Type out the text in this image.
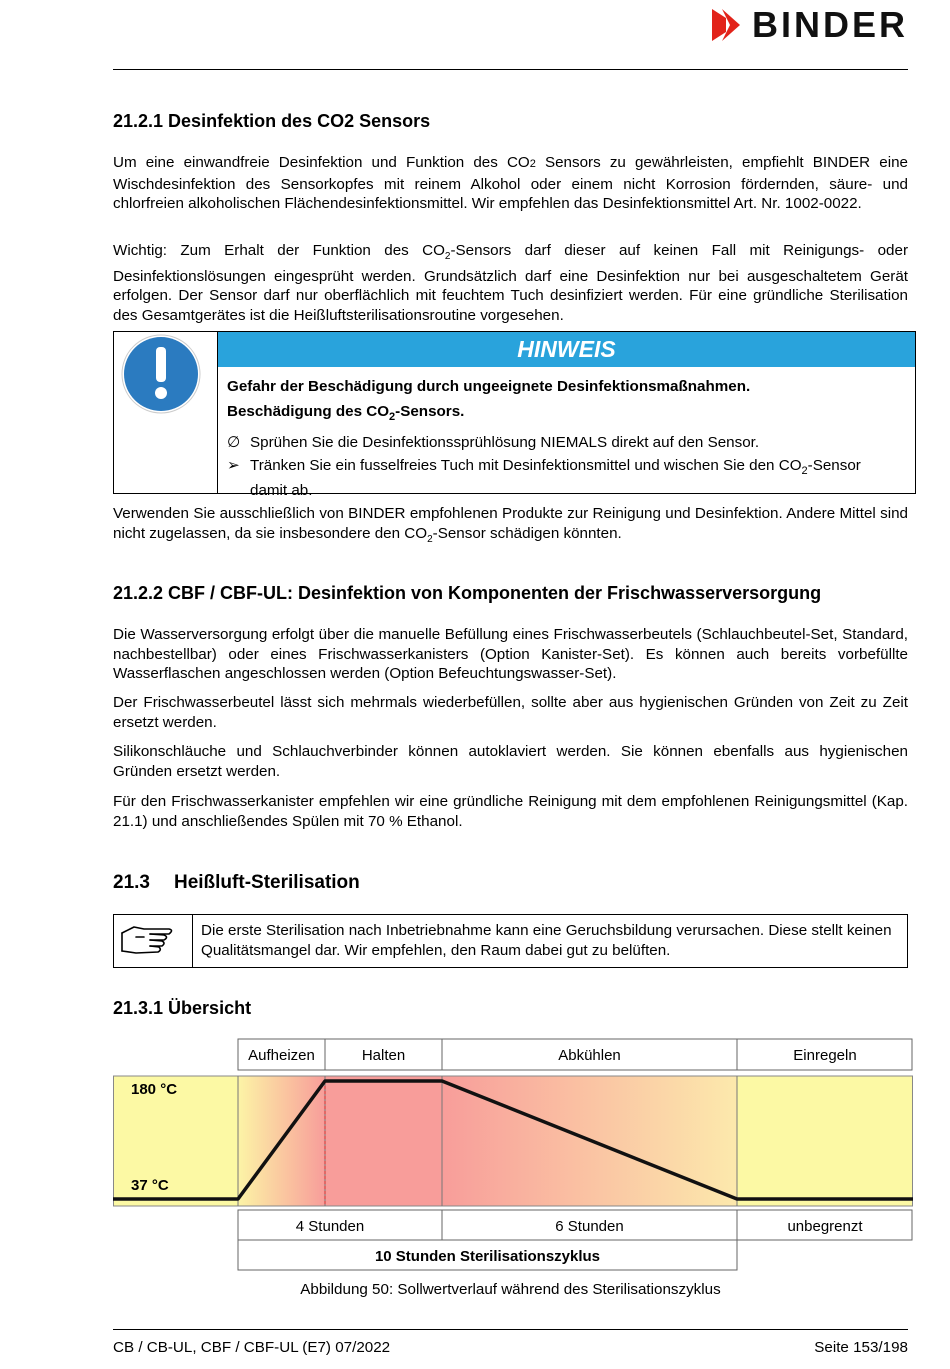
BINDER
21.2.1 Desinfektion des CO2 Sensors

Um eine einwandfreie Desinfektion und Funktion des CO2 Sensors zu gewährleisten, empfiehlt BINDER eine Wischdesinfektion des Sensorkopfes mit reinem Alkohol oder einem nicht Korrosion fördernden, säure- und chlorfreien alkoholischen Flächendesinfektionsmittel. Wir empfehlen das Desinfektionsmittel Art. Nr. 1002-0022.

Wichtig: Zum Erhalt der Funktion des $CO_2$-Sensors darf dieser auf keinen Fall mit Reinigungs- oder Desinfektionslösungen eingesprüht werden. Grundsätzlich darf eine Desinfektion nur bei ausgeschaltetem Gerät erfolgen. Der Sensor darf nur oberflächlich mit feuchtem Tuch desinfiziert werden. Für eine gründliche Sterilisation des Gesamtgerätes ist die Heißluftsterilisationsroutine vorgesehen.

HINWEIS
Gefahr der Beschädigung durch ungeeignete Desinfektionsmaßnahmen.
Beschädigung des $CO_2$-Sensors.
∅ Sprühen Sie die Desinfektionssprühlösung NIEMALS direkt auf den Sensor.
➢ Tränken Sie ein fusselfreies Tuch mit Desinfektionsmittel und wischen Sie den $CO_2$-Sensor damit ab.

Verwenden Sie ausschließlich von BINDER empfohlenen Produkte zur Reinigung und Desinfektion. Andere Mittel sind nicht zugelassen, da sie insbesondere den $CO_2$-Sensor schädigen könnten.

21.2.2 CBF / CBF-UL: Desinfektion von Komponenten der Frischwasserversorgung

Die Wasserversorgung erfolgt über die manuelle Befüllung eines Frischwasserbeutels (Schlauchbeutel-Set, Standard, nachbestellbar) oder eines Frischwasserkanisters (Option Kanister-Set). Es können auch bereits vorbefüllte Wasserflaschen angeschlossen werden (Option Befeuchtungswasser-Set).

Der Frischwasserbeutel lässt sich mehrmals wiederbefüllen, sollte aber aus hygienischen Gründen von Zeit zu Zeit ersetzt werden.

Silikonschläuche und Schlauchverbinder können autoklaviert werden. Sie können ebenfalls aus hygienischen Gründen ersetzt werden.

Für den Frischwasserkanister empfehlen wir eine gründliche Reinigung mit dem empfohlenen Reinigungsmittel (Kap. 21.1) und anschließendes Spülen mit 70 % Ethanol.

21.3 Heißluft-Sterilisation
Die erste Sterilisation nach Inbetriebnahme kann eine Geruchsbildung verursachen. Diese stellt keinen Qualitätsmangel dar. Wir empfehlen, den Raum dabei gut zu belüften.
21.3.1 Übersicht
Aufheizen	Halten	Abkühlen	Einregeln
180 °C
37 °C
4 Stunden	6 Stunden	unbegrenzt
10 Stunden Sterilisationszyklus
Abbildung 50: Sollwertverlauf während des Sterilisationszyklus
CB / CB-UL, CBF / CBF-UL (E7) 07/2022	Seite 153/198
